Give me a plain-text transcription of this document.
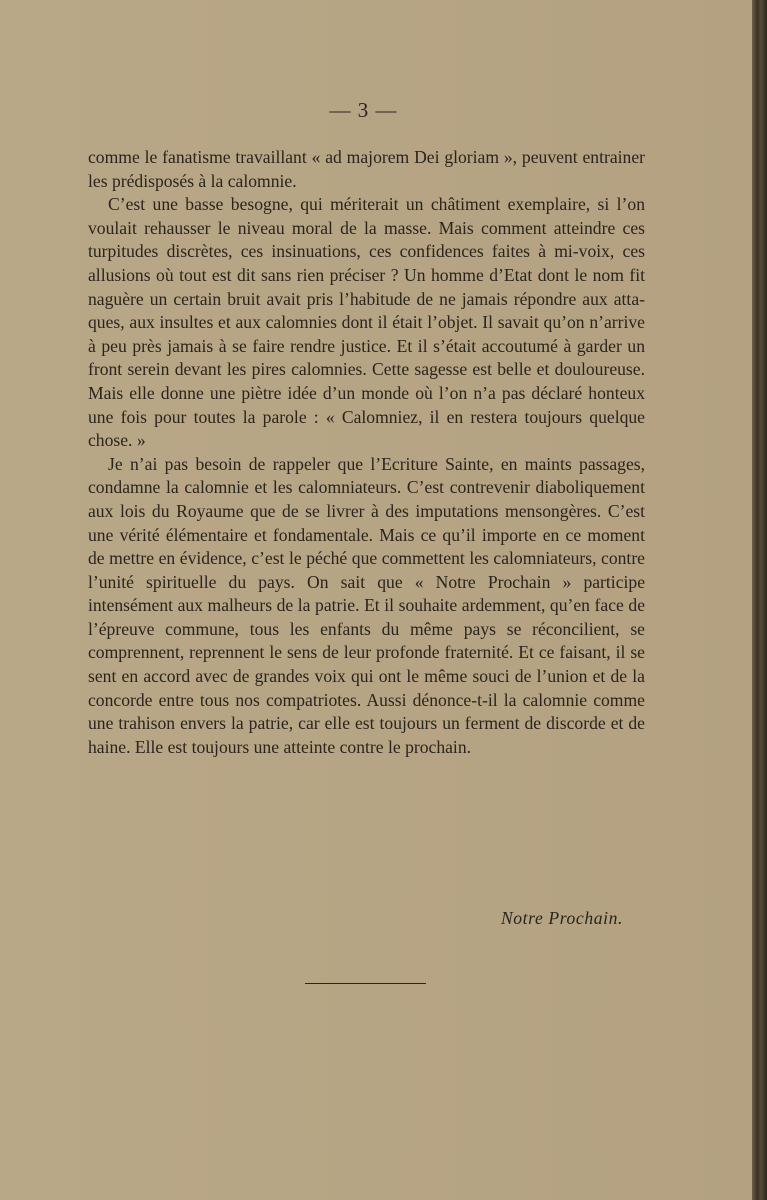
— 3 —

comme le fanatisme travaillant « ad majorem Dei gloriam », peuvent entrainer les prédisposés à la calomnie.

C’est une basse besogne, qui mériterait un châtiment exemplaire, si l’on voulait rehausser le niveau moral de la masse. Mais comment atteindre ces turpitudes discrètes, ces insinuations, ces confidences faites à mi-voix, ces allusions où tout est dit sans rien préciser ? Un homme d’Etat dont le nom fit naguère un certain bruit avait pris l’habitude de ne jamais répondre aux attaques, aux insultes et aux calomnies dont il était l’objet. Il savait qu’on n’arrive à peu près jamais à se faire rendre justice. Et il s’était accoutumé à garder un front serein devant les pires calomnies. Cette sagesse est belle et douloureuse. Mais elle donne une piètre idée d’un monde où l’on n’a pas déclaré honteux une fois pour toutes la parole : « Calomniez, il en restera toujours quelque chose. »

Je n’ai pas besoin de rappeler que l’Ecriture Sainte, en maints passages, condamne la calomnie et les calomniateurs. C’est contrevenir diaboliquement aux lois du Royaume que de se livrer à des imputations mensongères. C’est une vérité élémentaire et fondamentale. Mais ce qu’il importe en ce moment de mettre en évidence, c’est le péché que commettent les calomniateurs, contre l’unité spirituelle du pays. On sait que « Notre Prochain » participe intensément aux malheurs de la patrie. Et il souhaite ardemment, qu’en face de l’épreuve commune, tous les enfants du même pays se réconcilient, se comprennent, reprennent le sens de leur profonde fraternité. Et ce faisant, il se sent en accord avec de grandes voix qui ont le même souci de l’union et de la concorde entre tous nos compatriotes. Aussi dénonce-t-il la calomnie comme une trahison envers la patrie, car elle est toujours un ferment de discorde et de haine. Elle est toujours une atteinte contre le prochain.

Notre Prochain.
